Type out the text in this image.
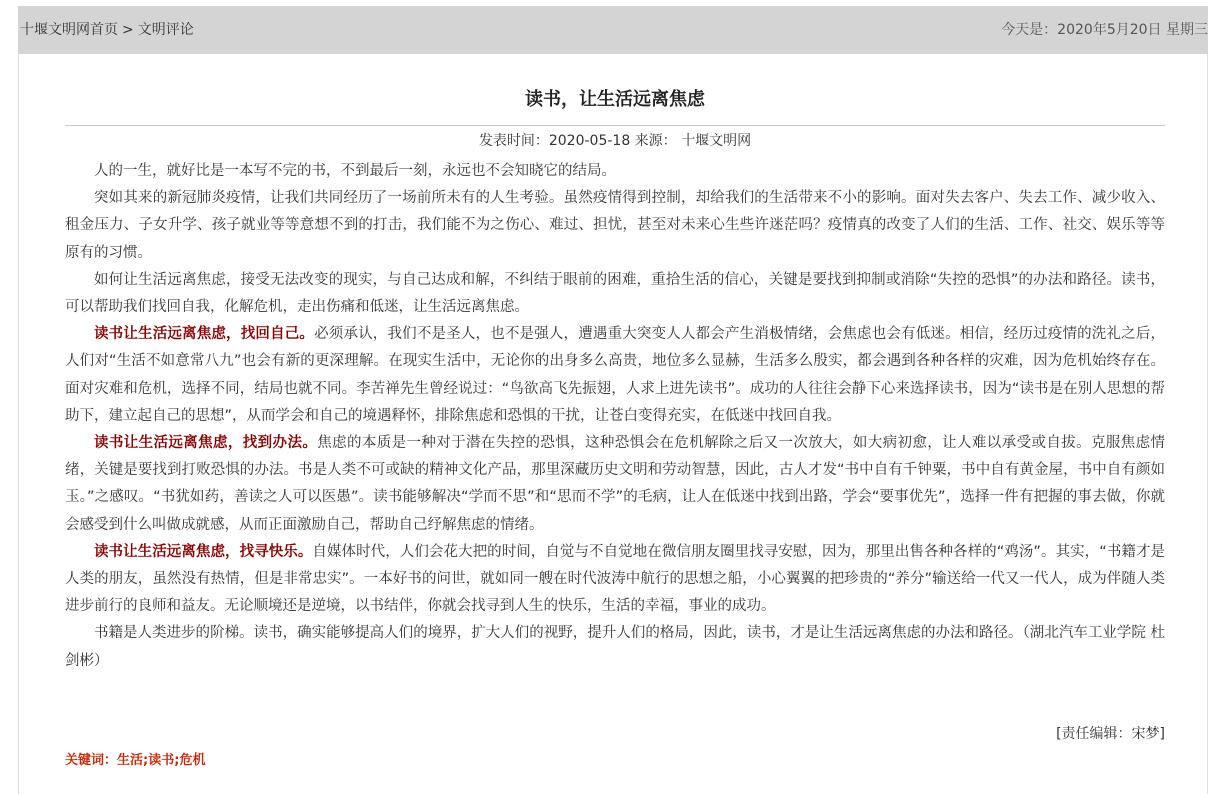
十堰文明网首页 > 文明评论	今天是：2020年5月20日 星期三
读书，让生活远离焦虑
发表时间：2020-05-18 来源： 十堰文明网

人的一生，就好比是一本写不完的书，不到最后一刻，永远也不会知晓它的结局。

突如其来的新冠肺炎疫情，让我们共同经历了一场前所未有的人生考验。虽然疫情得到控制，却给我们的生活带来不小的影响。面对失去客户、失去工作、减少收入、租金压力、子女升学、孩子就业等等意想不到的打击，我们能不为之伤心、难过、担忧，甚至对未来心生些许迷茫吗？疫情真的改变了人们的生活、工作、社交、娱乐等等原有的习惯。

如何让生活远离焦虑，接受无法改变的现实，与自己达成和解，不纠结于眼前的困难，重拾生活的信心，关键是要找到抑制或消除“失控的恐惧”的办法和路径。读书，可以帮助我们找回自我，化解危机，走出伤痛和低迷，让生活远离焦虑。

读书让生活远离焦虑，找回自己。必须承认，我们不是圣人，也不是强人，遭遇重大突变人人都会产生消极情绪，会焦虑也会有低迷。相信，经历过疫情的洗礼之后，人们对“生活不如意常八九”也会有新的更深理解。在现实生活中，无论你的出身多么高贵，地位多么显赫，生活多么殷实，都会遇到各种各样的灾难，因为危机始终存在。面对灾难和危机，选择不同，结局也就不同。李苦禅先生曾经说过：“鸟欲高飞先振翅，人求上进先读书”。成功的人往往会静下心来选择读书，因为“读书是在别人思想的帮助下，建立起自己的思想”，从而学会和自己的境遇释怀，排除焦虑和恐惧的干扰，让苍白变得充实，在低迷中找回自我。

读书让生活远离焦虑，找到办法。焦虑的本质是一种对于潜在失控的恐惧，这种恐惧会在危机解除之后又一次放大，如大病初愈，让人难以承受或自拔。克服焦虑情绪，关键是要找到打败恐惧的办法。书是人类不可或缺的精神文化产品，那里深藏历史文明和劳动智慧，因此，古人才发“书中自有千钟粟，书中自有黄金屋，书中自有颜如玉。”之感叹。“书犹如药，善读之人可以医愚”。读书能够解决“学而不思”和“思而不学”的毛病，让人在低迷中找到出路，学会“要事优先”，选择一件有把握的事去做，你就会感受到什么叫做成就感，从而正面激励自己，帮助自己纾解焦虑的情绪。

读书让生活远离焦虑，找寻快乐。自媒体时代，人们会花大把的时间，自觉与不自觉地在微信朋友圈里找寻安慰，因为，那里出售各种各样的“鸡汤”。其实，“书籍才是人类的朋友，虽然没有热情，但是非常忠实”。一本好书的问世，就如同一艘在时代波涛中航行的思想之船，小心翼翼的把珍贵的“养分”输送给一代又一代人，成为伴随人类进步前行的良师和益友。无论顺境还是逆境，以书结伴，你就会找寻到人生的快乐，生活的幸福，事业的成功。

书籍是人类进步的阶梯。读书，确实能够提高人们的境界，扩大人们的视野，提升人们的格局，因此，读书，才是让生活远离焦虑的办法和路径。（湖北汽车工业学院 杜剑彬）

[责任编辑：宋梦]
关键词：生活;读书;危机
